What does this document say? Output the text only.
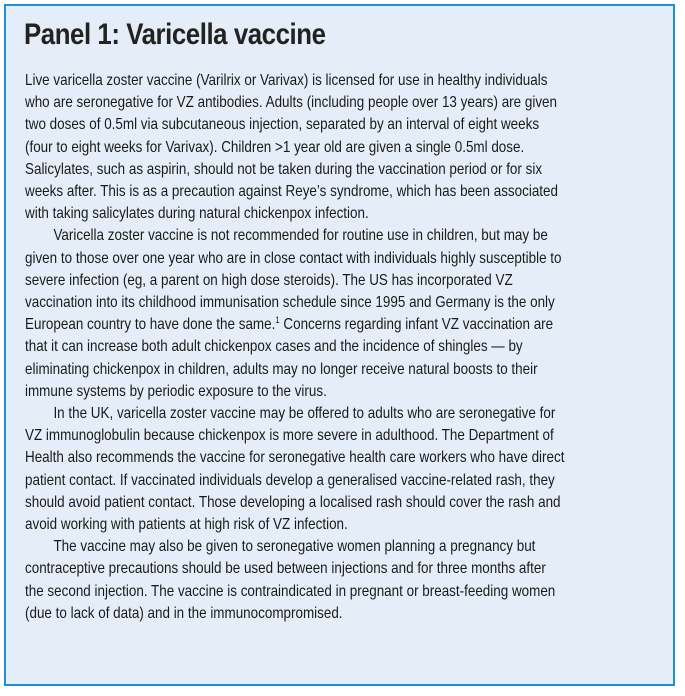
Panel 1: Varicella vaccine
Live varicella zoster vaccine (Varilrix or Varivax) is licensed for use in healthy individuals
who are seronegative for VZ antibodies. Adults (including people over 13 years) are given
two doses of 0.5ml via subcutaneous injection, separated by an interval of eight weeks
(four to eight weeks for Varivax). Children >1 year old are given a single 0.5ml dose.
Salicylates, such as aspirin, should not be taken during the vaccination period or for six
weeks after. This is as a precaution against Reye’s syndrome, which has been associated
with taking salicylates during natural chickenpox infection.
Varicella zoster vaccine is not recommended for routine use in children, but may be
given to those over one year who are in close contact with individuals highly susceptible to
severe infection (eg, a parent on high dose steroids). The US has incorporated VZ
vaccination into its childhood immunisation schedule since 1995 and Germany is the only
European country to have done the same.$^1$ Concerns regarding infant VZ vaccination are
that it can increase both adult chickenpox cases and the incidence of shingles — by
eliminating chickenpox in children, adults may no longer receive natural boosts to their
immune systems by periodic exposure to the virus.
In the UK, varicella zoster vaccine may be offered to adults who are seronegative for
VZ immunoglobulin because chickenpox is more severe in adulthood. The Department of
Health also recommends the vaccine for seronegative health care workers who have direct
patient contact. If vaccinated individuals develop a generalised vaccine-related rash, they
should avoid patient contact. Those developing a localised rash should cover the rash and
avoid working with patients at high risk of VZ infection.
The vaccine may also be given to seronegative women planning a pregnancy but
contraceptive precautions should be used between injections and for three months after
the second injection. The vaccine is contraindicated in pregnant or breast-feeding women
(due to lack of data) and in the immunocompromised.
